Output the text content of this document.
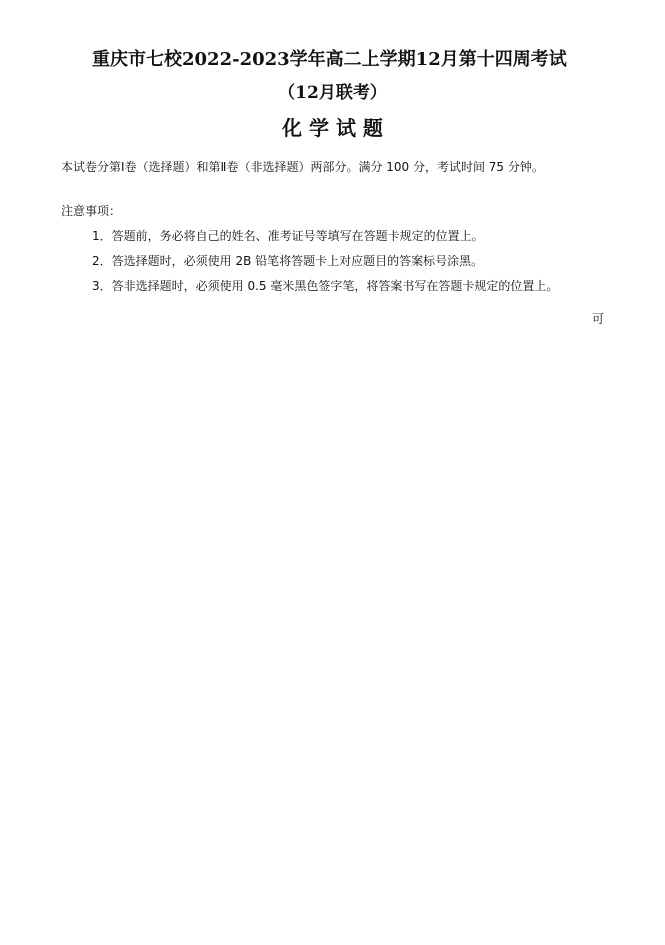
重庆市七校2022-2023学年高二上学期12月第十四周考试
（12月联考）
化 学 试 题
本试卷分第Ⅰ卷（选择题）和第Ⅱ卷（非选择题）两部分。满分 100 分，考试时间 75 分钟。
注意事项：
1．答题前，务必将自己的姓名、准考证号等填写在答题卡规定的位置上。
2．答选择题时，必须使用 2B 铅笔将答题卡上对应题目的答案标号涂黑。
3．答非选择题时，必须使用 0.5 毫米黑色签字笔，将答案书写在答题卡规定的位置上。
可
